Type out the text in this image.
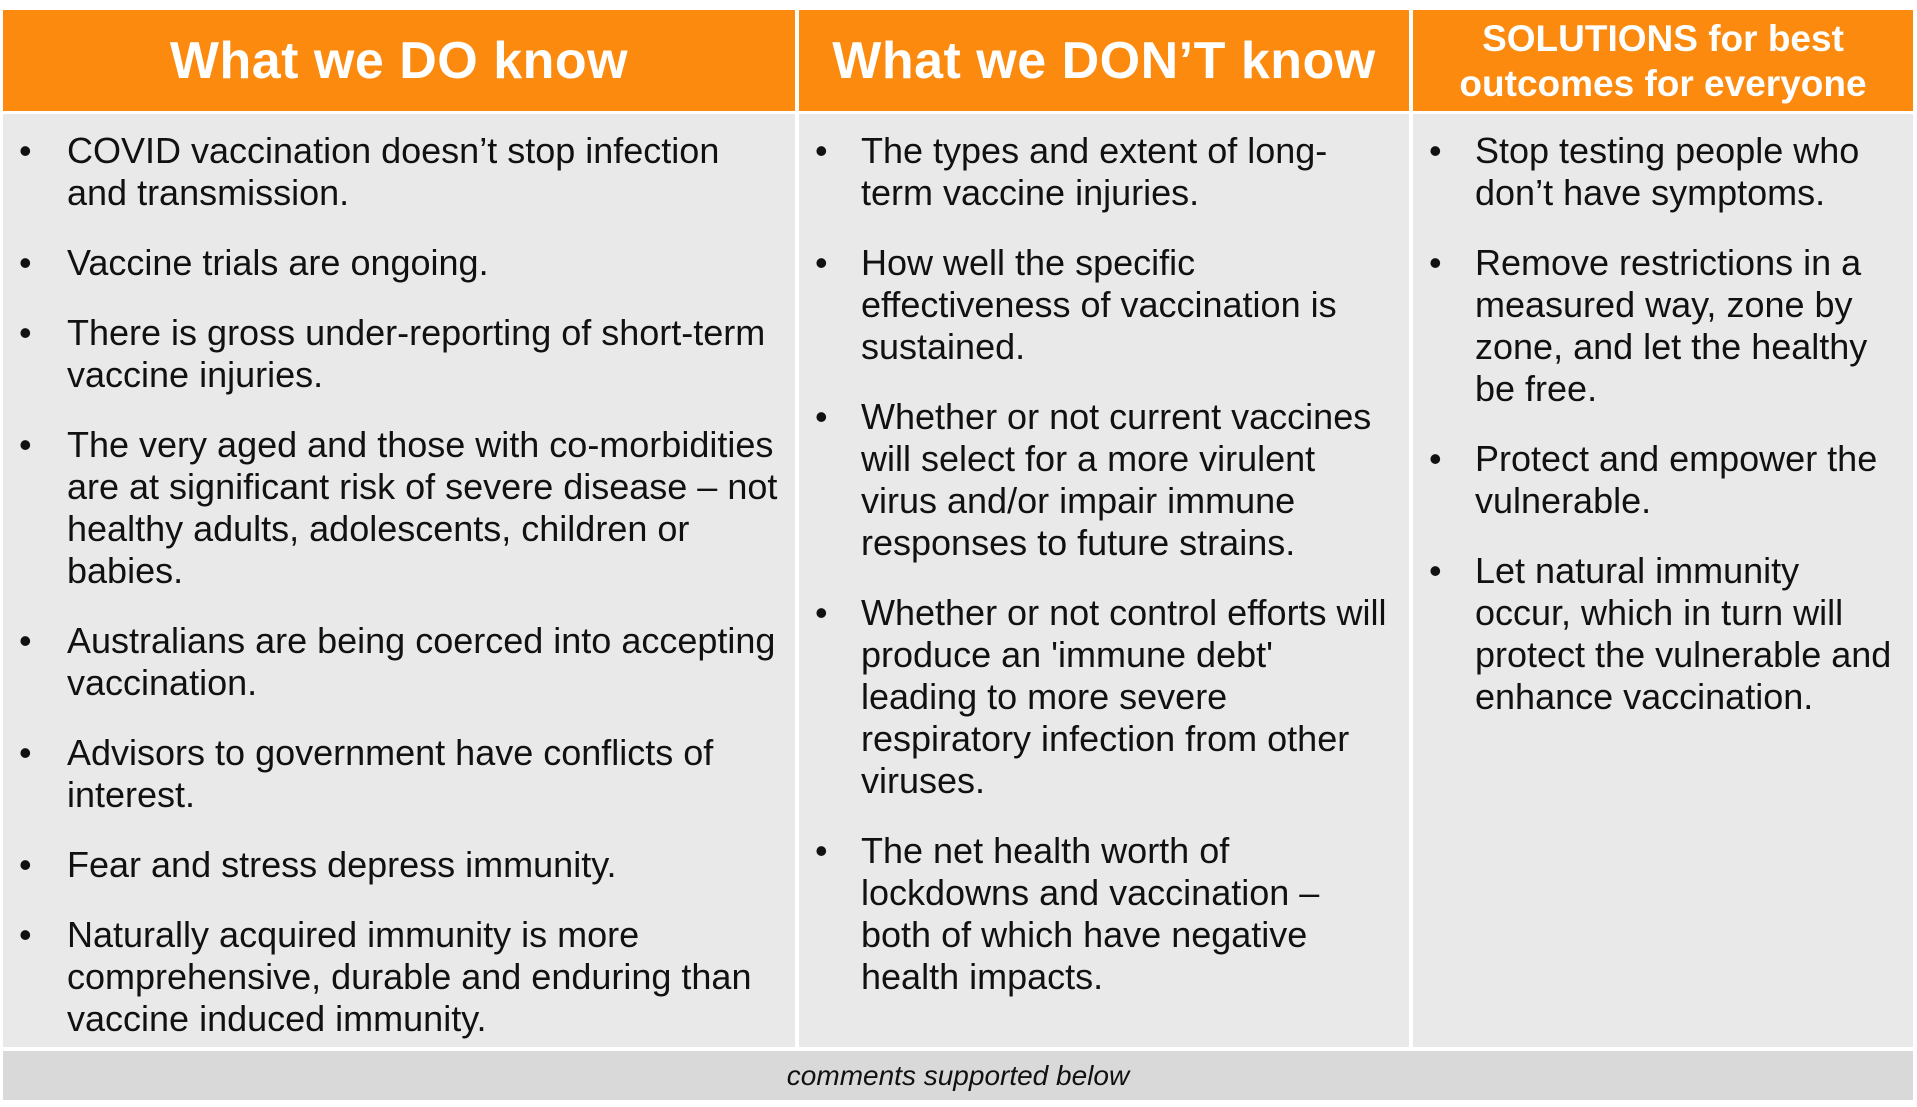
What we DO know
• COVID vaccination doesn’t stop infection and transmission.
• Vaccine trials are ongoing.
• There is gross under-reporting of short-term vaccine injuries.
• The very aged and those with co-morbidities are at significant risk of severe disease – not healthy adults, adolescents, children or babies.
• Australians are being coerced into accepting vaccination.
• Advisors to government have conflicts of interest.
• Fear and stress depress immunity.
• Naturally acquired immunity is more comprehensive, durable and enduring than vaccine induced immunity.
What we DON’T know
• The types and extent of long-term vaccine injuries.
• How well the specific effectiveness of vaccination is sustained.
• Whether or not current vaccines will select for a more virulent virus and/or impair immune responses to future strains.
• Whether or not control efforts will produce an 'immune debt' leading to more severe respiratory infection from other viruses.
• The net health worth of lockdowns and vaccination – both of which have negative health impacts.
SOLUTIONS for best outcomes for everyone
• Stop testing people who don’t have symptoms.
• Remove restrictions in a measured way, zone by zone, and let the healthy be free.
• Protect and empower the vulnerable.
• Let natural immunity occur, which in turn will protect the vulnerable and enhance vaccination.
comments supported below
